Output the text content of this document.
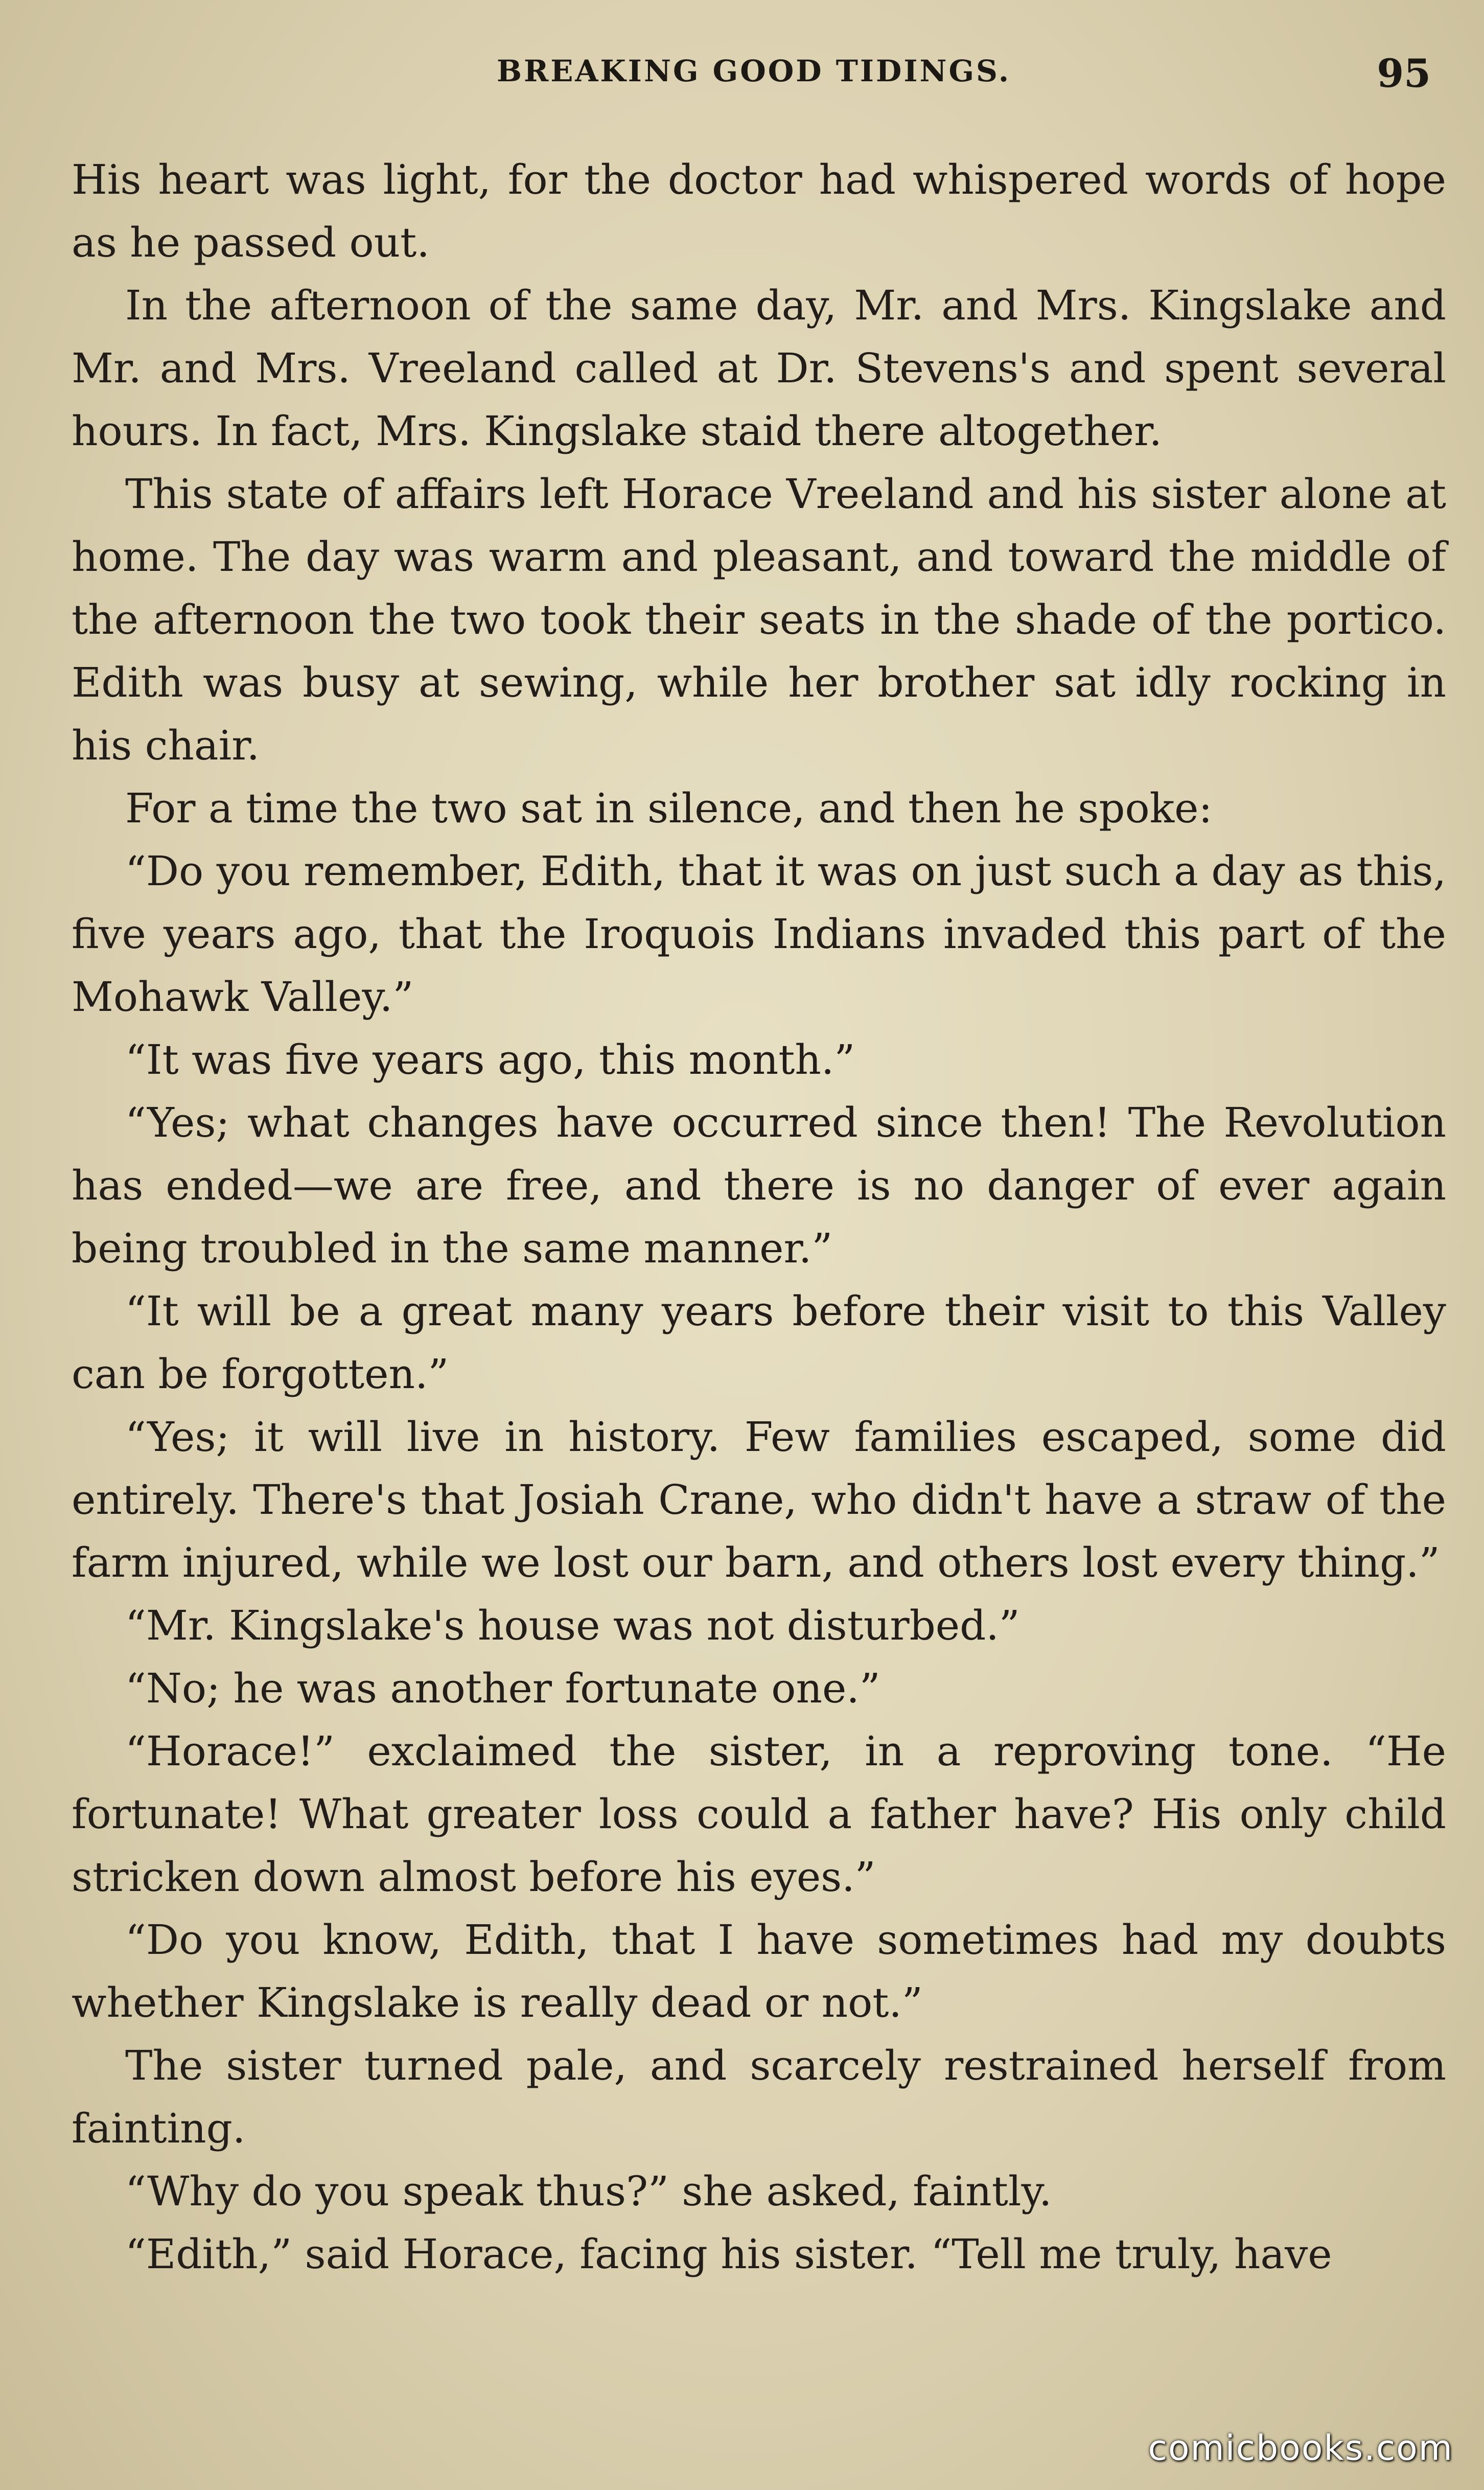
BREAKING GOOD TIDINGS.	95

His heart was light, for the doctor had whispered words of hope as he passed out.

In the afternoon of the same day, Mr. and Mrs. Kingslake and Mr. and Mrs. Vreeland called at Dr. Stevens's and spent several hours. In fact, Mrs. Kingslake staid there altogether.

This state of affairs left Horace Vreeland and his sister alone at home. The day was warm and pleasant, and toward the middle of the afternoon the two took their seats in the shade of the portico. Edith was busy at sewing, while her brother sat idly rocking in his chair.

For a time the two sat in silence, and then he spoke:

“Do you remember, Edith, that it was on just such a day as this, five years ago, that the Iroquois Indians invaded this part of the Mohawk Valley.”

“It was five years ago, this month.”

“Yes; what changes have occurred since then! The Revolution has ended—we are free, and there is no danger of ever again being troubled in the same manner.”

“It will be a great many years before their visit to this Valley can be forgotten.”

“Yes; it will live in history. Few families escaped, some did entirely. There's that Josiah Crane, who didn't have a straw of the farm injured, while we lost our barn, and others lost every thing.”

“Mr. Kingslake's house was not disturbed.”

“No; he was another fortunate one.”

“Horace!” exclaimed the sister, in a reproving tone. “He fortunate! What greater loss could a father have? His only child stricken down almost before his eyes.”

“Do you know, Edith, that I have sometimes had my doubts whether Kingslake is really dead or not.”

The sister turned pale, and scarcely restrained herself from fainting.

“Why do you speak thus?” she asked, faintly.

“Edith,” said Horace, facing his sister. “Tell me truly, have

comicbooks.com
